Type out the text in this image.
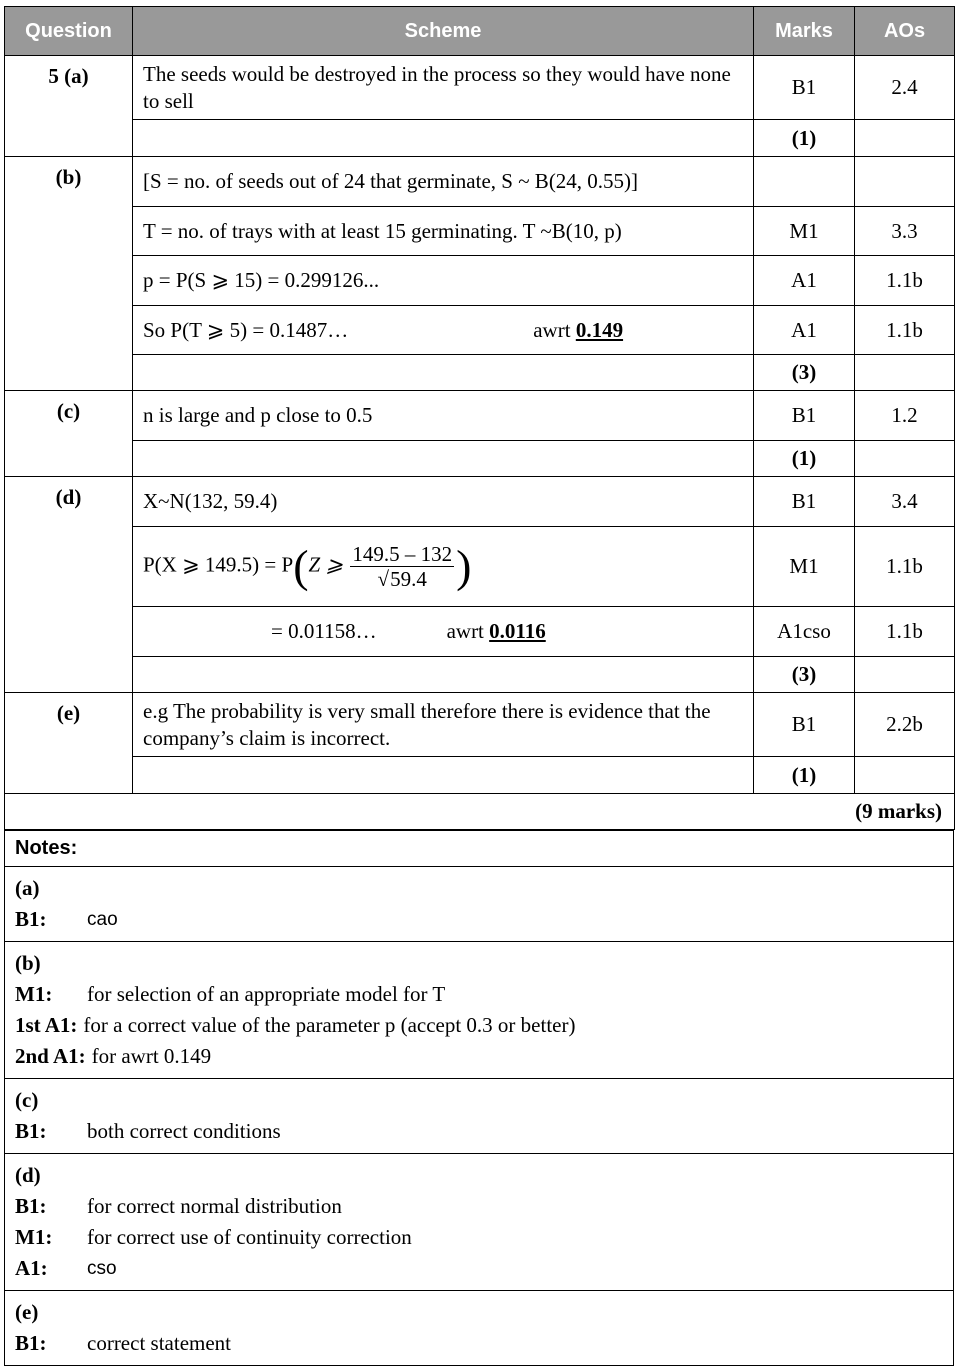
Question	Scheme	Marks	AOs
5 (a)	The seeds would be destroyed in the process so they would have none to sell	B1	2.4
		(1)	
(b)	[S = no. of seeds out of 24 that germinate, S ~ B(24, 0.55)]		
	T = no. of trays with at least 15 germinating. T ~B(10, p)	M1	3.3
	p = P(S ⩾ 15) = 0.299126...	A1	1.1b
	So P(T ⩾ 5) = 0.1487… awrt 0.149	A1	1.1b
		(3)	
(c)	n is large and p close to 0.5	B1	1.2
		(1)	
(d)	X~N(132, 59.4)	B1	3.4
	P(X ⩾ 149.5) = P(Z ⩾ $\frac{149.5 - 132}{√59.4}$ )	M1	1.1b
	= 0.01158… awrt 0.0116	A1cso	1.1b
		(3)	
(e)	e.g The probability is very small therefore there is evidence that the company’s claim is incorrect.	B1	2.2b
		(1)	
(9 marks)			
Notes:

(a)
B1:	cao

(b)
M1:	for selection of an appropriate model for T
1st A1: for a correct value of the parameter p (accept 0.3 or better)
2nd A1: for awrt 0.149

(c)
B1:	both correct conditions

(d)
B1:	for correct normal distribution
M1:	for correct use of continuity correction
A1:	cso

(e)
B1:	correct statement
